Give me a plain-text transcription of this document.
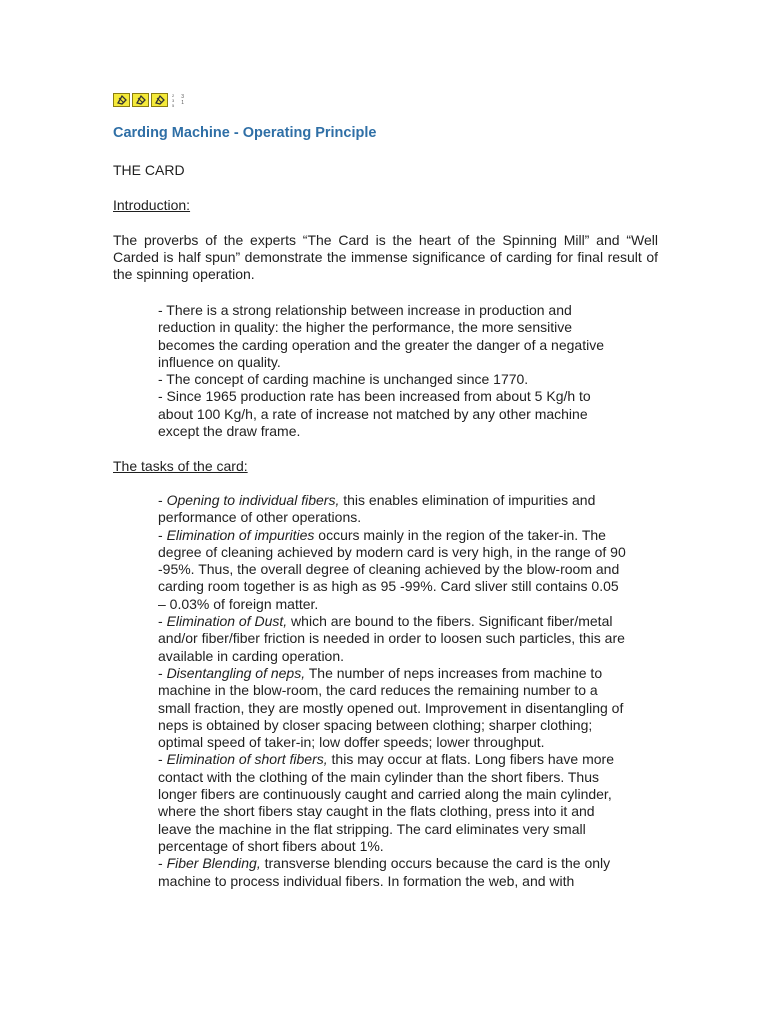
2
3
5
3
1
Carding Machine - Operating Principle
THE CARD
Introduction:
The proverbs of the experts “The Card is the heart of the Spinning Mill” and “Well Carded is half spun” demonstrate the immense significance of carding for final result of the spinning operation.

- There is a strong relationship between increase in production and reduction in quality: the higher the performance, the more sensitive becomes the carding operation and the greater the danger of a negative influence on quality.

- The concept of carding machine is unchanged since 1770.

- Since 1965 production rate has been increased from about 5 Kg/h to about 100 Kg/h, a rate of increase not matched by any other machine except the draw frame.

The tasks of the card:

- Opening to individual fibers, this enables elimination of impurities and performance of other operations.

- Elimination of impurities occurs mainly in the region of the taker-in. The degree of cleaning achieved by modern card is very high, in the range of 90 -95%. Thus, the overall degree of cleaning achieved by the blow-room and carding room together is as high as 95 -99%. Card sliver still contains 0.05 – 0.03% of foreign matter.

- Elimination of Dust, which are bound to the fibers. Significant fiber/metal and/or fiber/fiber friction is needed in order to loosen such particles, this are available in carding operation.

- Disentangling of neps, The number of neps increases from machine to machine in the blow-room, the card reduces the remaining number to a small fraction, they are mostly opened out. Improvement in disentangling of neps is obtained by closer spacing between clothing; sharper clothing; optimal speed of taker-in; low doffer speeds; lower throughput.

- Elimination of short fibers, this may occur at flats. Long fibers have more contact with the clothing of the main cylinder than the short fibers. Thus longer fibers are continuously caught and carried along the main cylinder, where the short fibers stay caught in the flats clothing, press into it and leave the machine in the flat stripping. The card eliminates very small percentage of short fibers about 1%.

- Fiber Blending, transverse blending occurs because the card is the only machine to process individual fibers. In formation the web, and with
